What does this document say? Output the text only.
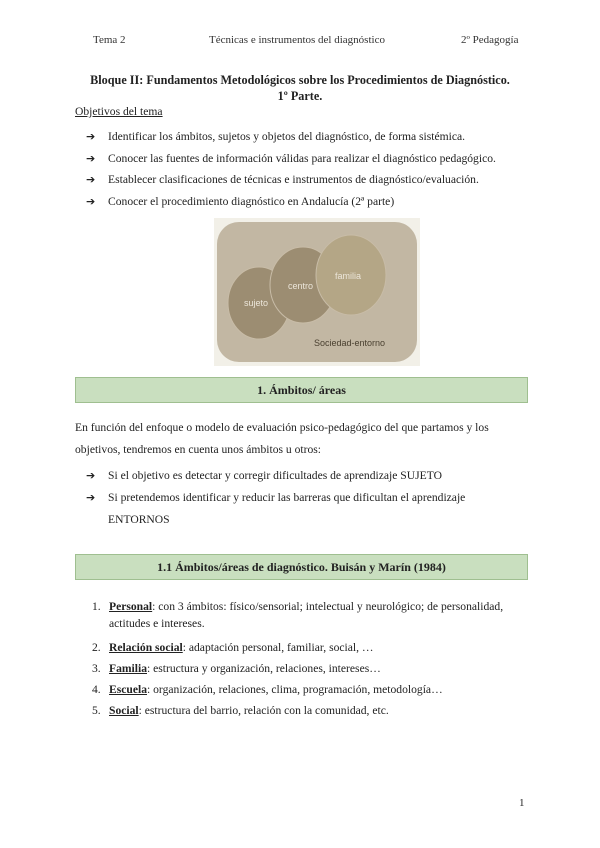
Tema 2	Técnicas e instrumentos del diagnóstico	2º Pedagogía
Bloque II: Fundamentos Metodológicos sobre los Procedimientos de Diagnóstico.
1º Parte.
Objetivos del tema
➔	Identificar los ámbitos, sujetos y objetos del diagnóstico, de forma sistémica.
➔	Conocer las fuentes de información válidas para realizar el diagnóstico pedagógico.
➔	Establecer clasificaciones de técnicas e instrumentos de diagnóstico/evaluación.
➔	Conocer el procedimiento diagnóstico en Andalucía (2ª parte)
sujeto
centro
familia
Sociedad-entorno
1. Ámbitos/ áreas
En función del enfoque o modelo de evaluación psico-pedagógico del que partamos y los
objetivos, tendremos en cuenta unos ámbitos u otros:
➔	Si el objetivo es detectar y corregir dificultades de aprendizaje SUJETO
➔	Si pretendemos identificar y reducir las barreras que dificultan el aprendizaje
ENTORNOS
1.1 Ámbitos/áreas de diagnóstico. Buisán y Marín (1984)
1. Personal: con 3 ámbitos: físico/sensorial; intelectual y neurológico; de personalidad,
actitudes e intereses.
2. Relación social: adaptación personal, familiar, social, …
3. Familia: estructura y organización, relaciones, intereses…
4. Escuela: organización, relaciones, clima, programación, metodología…
5. Social: estructura del barrio, relación con la comunidad, etc.
1
